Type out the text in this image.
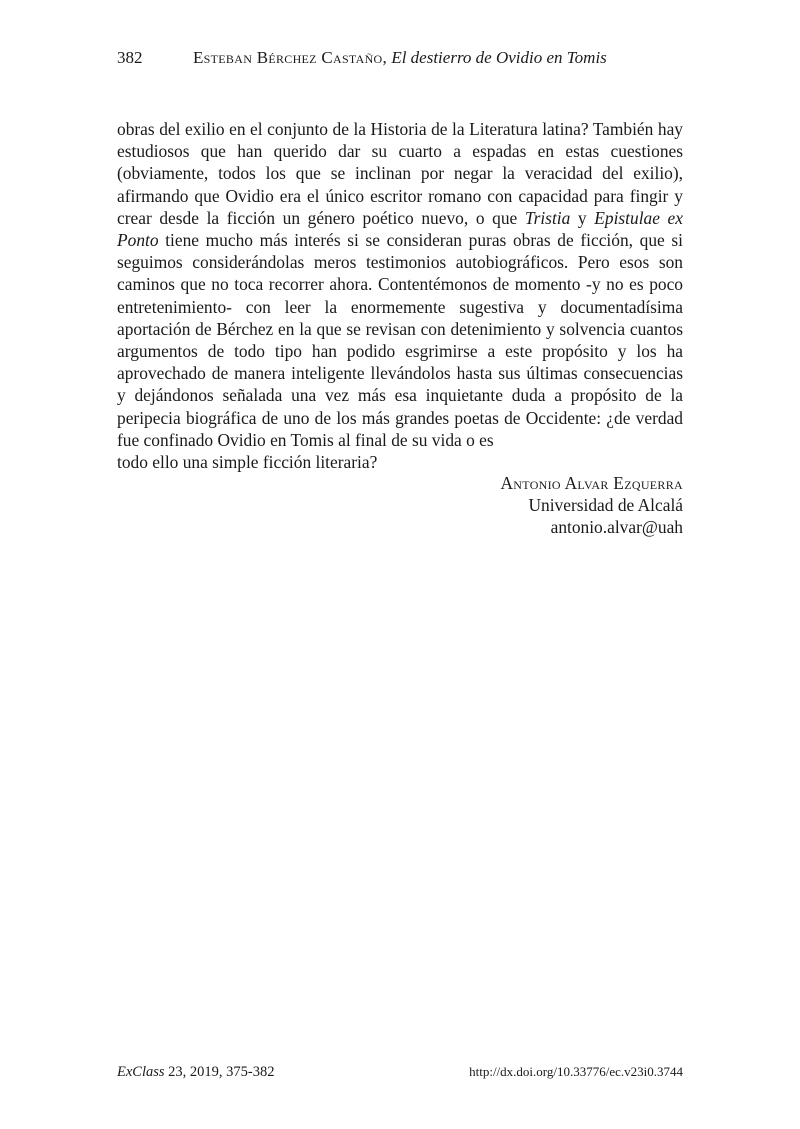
382	Esteban Bérchez Castaño, El destierro de Ovidio en Tomis
obras del exilio en el conjunto de la Historia de la Literatura latina? También hay estudiosos que han querido dar su cuarto a espadas en estas cuestiones (obviamente, todos los que se inclinan por negar la veracidad del exilio), afirmando que Ovidio era el único escritor romano con capacidad para fingir y crear desde la ficción un género poético nuevo, o que Tristia y Epistulae ex Ponto tiene mucho más interés si se consideran puras obras de ficción, que si seguimos considerándolas meros testimonios autobiográficos. Pero esos son caminos que no toca recorrer ahora. Contentémonos de momento -y no es poco entretenimiento- con leer la enormemente sugestiva y documentadísima aportación de Bérchez en la que se revisan con detenimiento y solvencia cuantos argumentos de todo tipo han podido esgrimirse a este propósito y los ha aprovechado de manera inteligente llevándolos hasta sus últimas consecuencias y dejándonos señalada una vez más esa inquietante duda a propósito de la peripecia biográfica de uno de los más grandes poetas de Occidente: ¿de verdad fue confinado Ovidio en Tomis al final de su vida o es
todo ello una simple ficción literaria?
Antonio Alvar Ezquerra
Universidad de Alcalá
antonio.alvar@uah
ExClass 23, 2019, 375-382	http://dx.doi.org/10.33776/ec.v23i0.3744
